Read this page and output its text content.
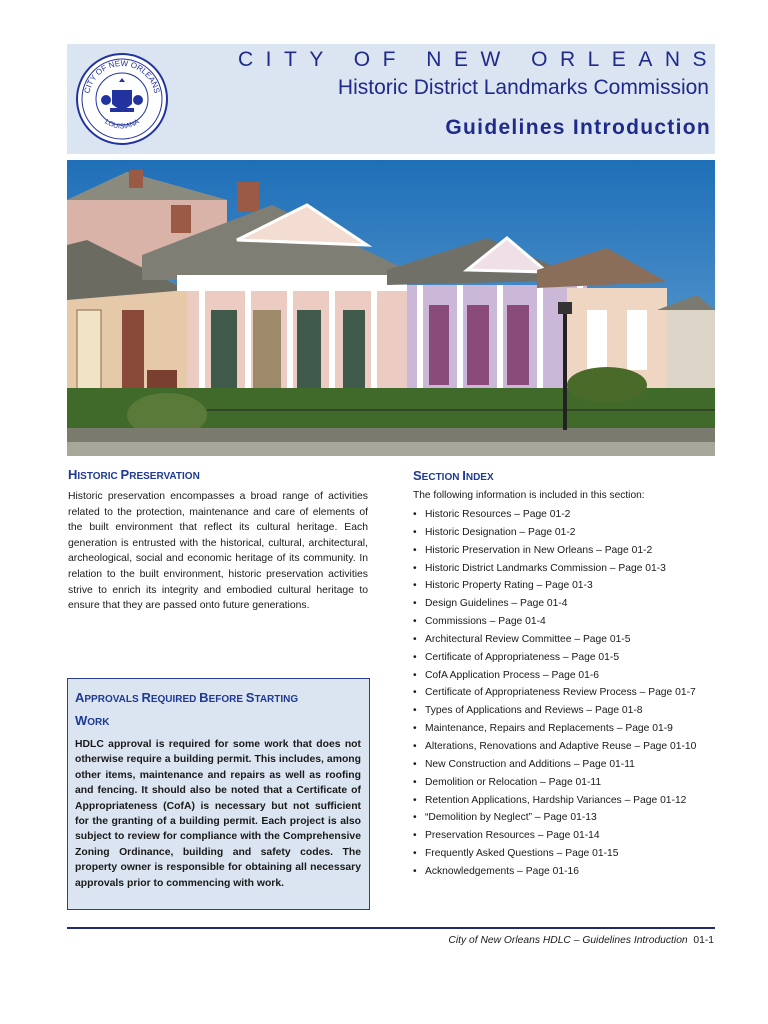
CITY OF NEW ORLEANS
LOUISIANA
CITY OF NEW ORLEANS
Historic District Landmarks Commission
Guidelines Introduction
HISTORIC PRESERVATION
Historic preservation encompasses a broad range of activities related to the protection, maintenance and care of elements of the built environment that reflect its cultural heritage. Each generation is entrusted with the historical, cultural, architectural, archeological, social and economic heritage of its community. In relation to the built environment, historic preservation activities strive to enrich its integrity and embodied cultural heritage to ensure that they are passed onto future generations.
APPROVALS REQUIRED BEFORE STARTING
WORK
HDLC approval is required for some work that does not otherwise require a building permit. This includes, among other items, maintenance and repairs as well as roofing and fencing. It should also be noted that a Certificate of Appropriateness (CofA) is necessary but not sufficient for the granting of a building permit. Each project is also subject to review for compliance with the Comprehensive Zoning Ordinance, building and safety codes. The property owner is responsible for obtaining all necessary approvals prior to commencing with work.
SECTION INDEX
The following information is included in this section:
• Historic Resources – Page 01-2
• Historic Designation – Page 01-2
• Historic Preservation in New Orleans – Page 01-2
• Historic District Landmarks Commission – Page 01-3
• Historic Property Rating – Page 01-3
• Design Guidelines – Page 01-4
• Commissions – Page 01-4
• Architectural Review Committee – Page 01-5
• Certificate of Appropriateness – Page 01-5
• CofA Application Process – Page 01-6
• Certificate of Appropriateness Review Process – Page 01-7
• Types of Applications and Reviews – Page 01-8
• Maintenance, Repairs and Replacements – Page 01-9
• Alterations, Renovations and Adaptive Reuse – Page 01-10
• New Construction and Additions – Page 01-11
• Demolition or Relocation – Page 01-11
• Retention Applications, Hardship Variances – Page 01-12
• “Demolition by Neglect” – Page 01-13
• Preservation Resources – Page 01-14
• Frequently Asked Questions – Page 01-15
• Acknowledgements – Page 01-16
City of New Orleans HDLC – Guidelines Introduction 01-1
